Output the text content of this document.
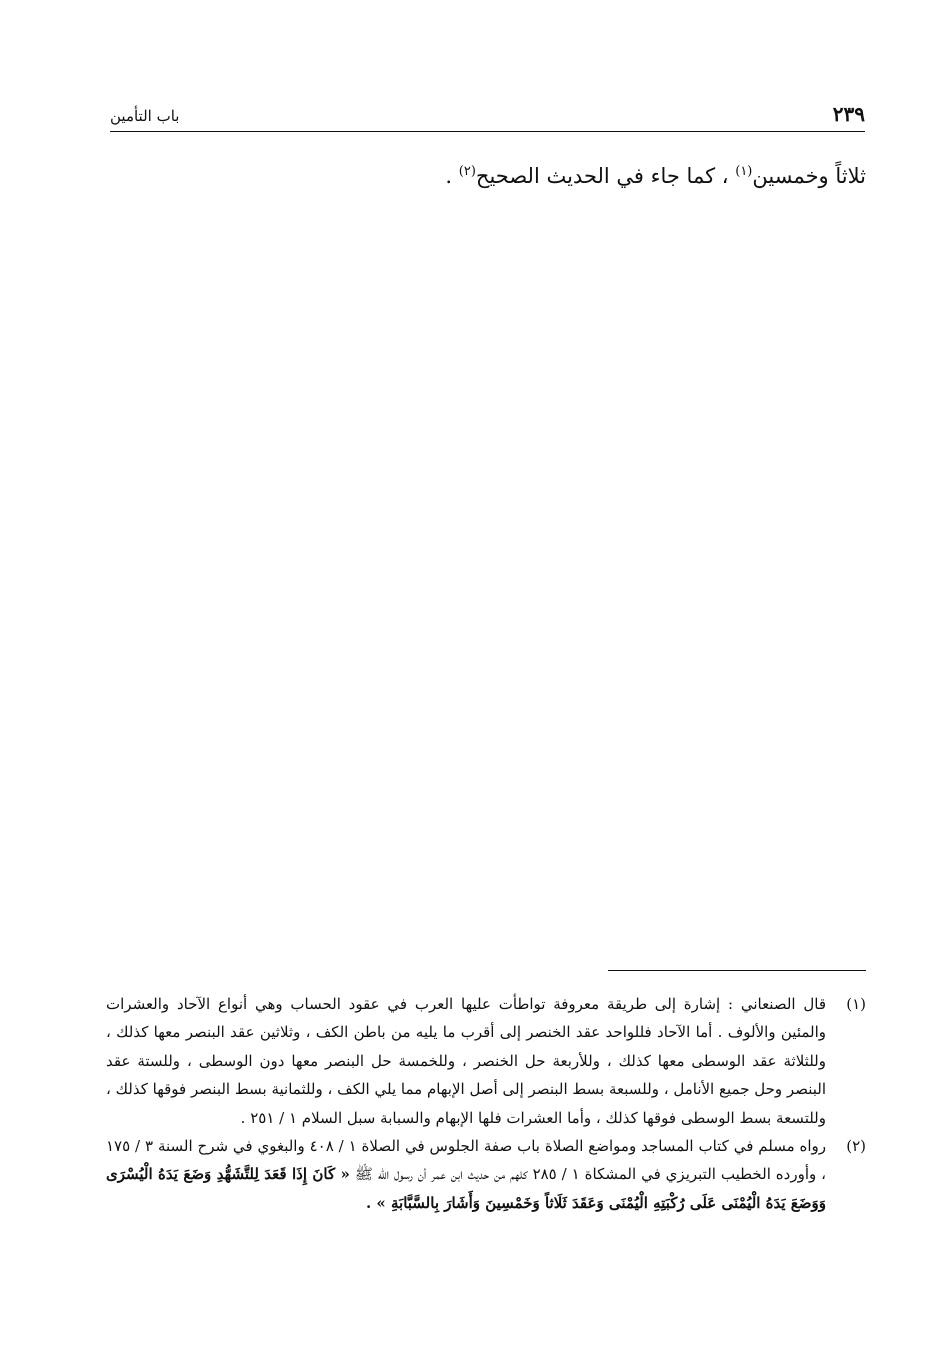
٢٣٩
باب التأمين
ثلاثاً وخمسين$^{(١)}$ ، كما جاء في الحديث الصحيح$^{(٢)}$ .
(١)
قال الصنعاني : إشارة إلى طريقة معروفة تواطأت عليها العرب في عقود الحساب وهي أنواع الآحاد والعشرات والمئين والألوف . أما الآحاد فللواحد عقد الخنصر إلى أقرب ما يليه من باطن الكف ، وثلاثين عقد البنصر معها كذلك ، وللثلاثة عقد الوسطى معها كذلك ، وللأربعة حل الخنصر ، وللخمسة حل البنصر معها دون الوسطى ، وللستة عقد البنصر وحل جميع الأنامل ، وللسبعة بسط البنصر إلى أصل الإبهام مما يلي الكف ، وللثمانية بسط البنصر فوقها كذلك ، وللتسعة بسط الوسطى فوقها كذلك ، وأما العشرات فلها الإبهام والسبابة سبل السلام ١ / ٢٥١ .
(٢)
رواه مسلم في كتاب المساجد ومواضع الصلاة باب صفة الجلوس في الصلاة ١ / ٤٠٨ والبغوي في شرح السنة ٣ / ١٧٥ ، وأورده الخطيب التبريزي في المشكاة ١ / ٢٨٥ كلهم من حديث ابن عمر أن رسول الله ﷺ « كَانَ إِذَا قَعَدَ لِلتَّشَهُّدِ وَضَعَ يَدَهُ الْيُسْرَى وَوَضَعَ يَدَهُ الْيُمْنَى عَلَى رُكْبَتِهِ الْيُمْنَى وَعَقَدَ ثَلَاثاً وَخَمْسِينَ وَأَشَارَ بِالسَّبَّابَةِ » .
